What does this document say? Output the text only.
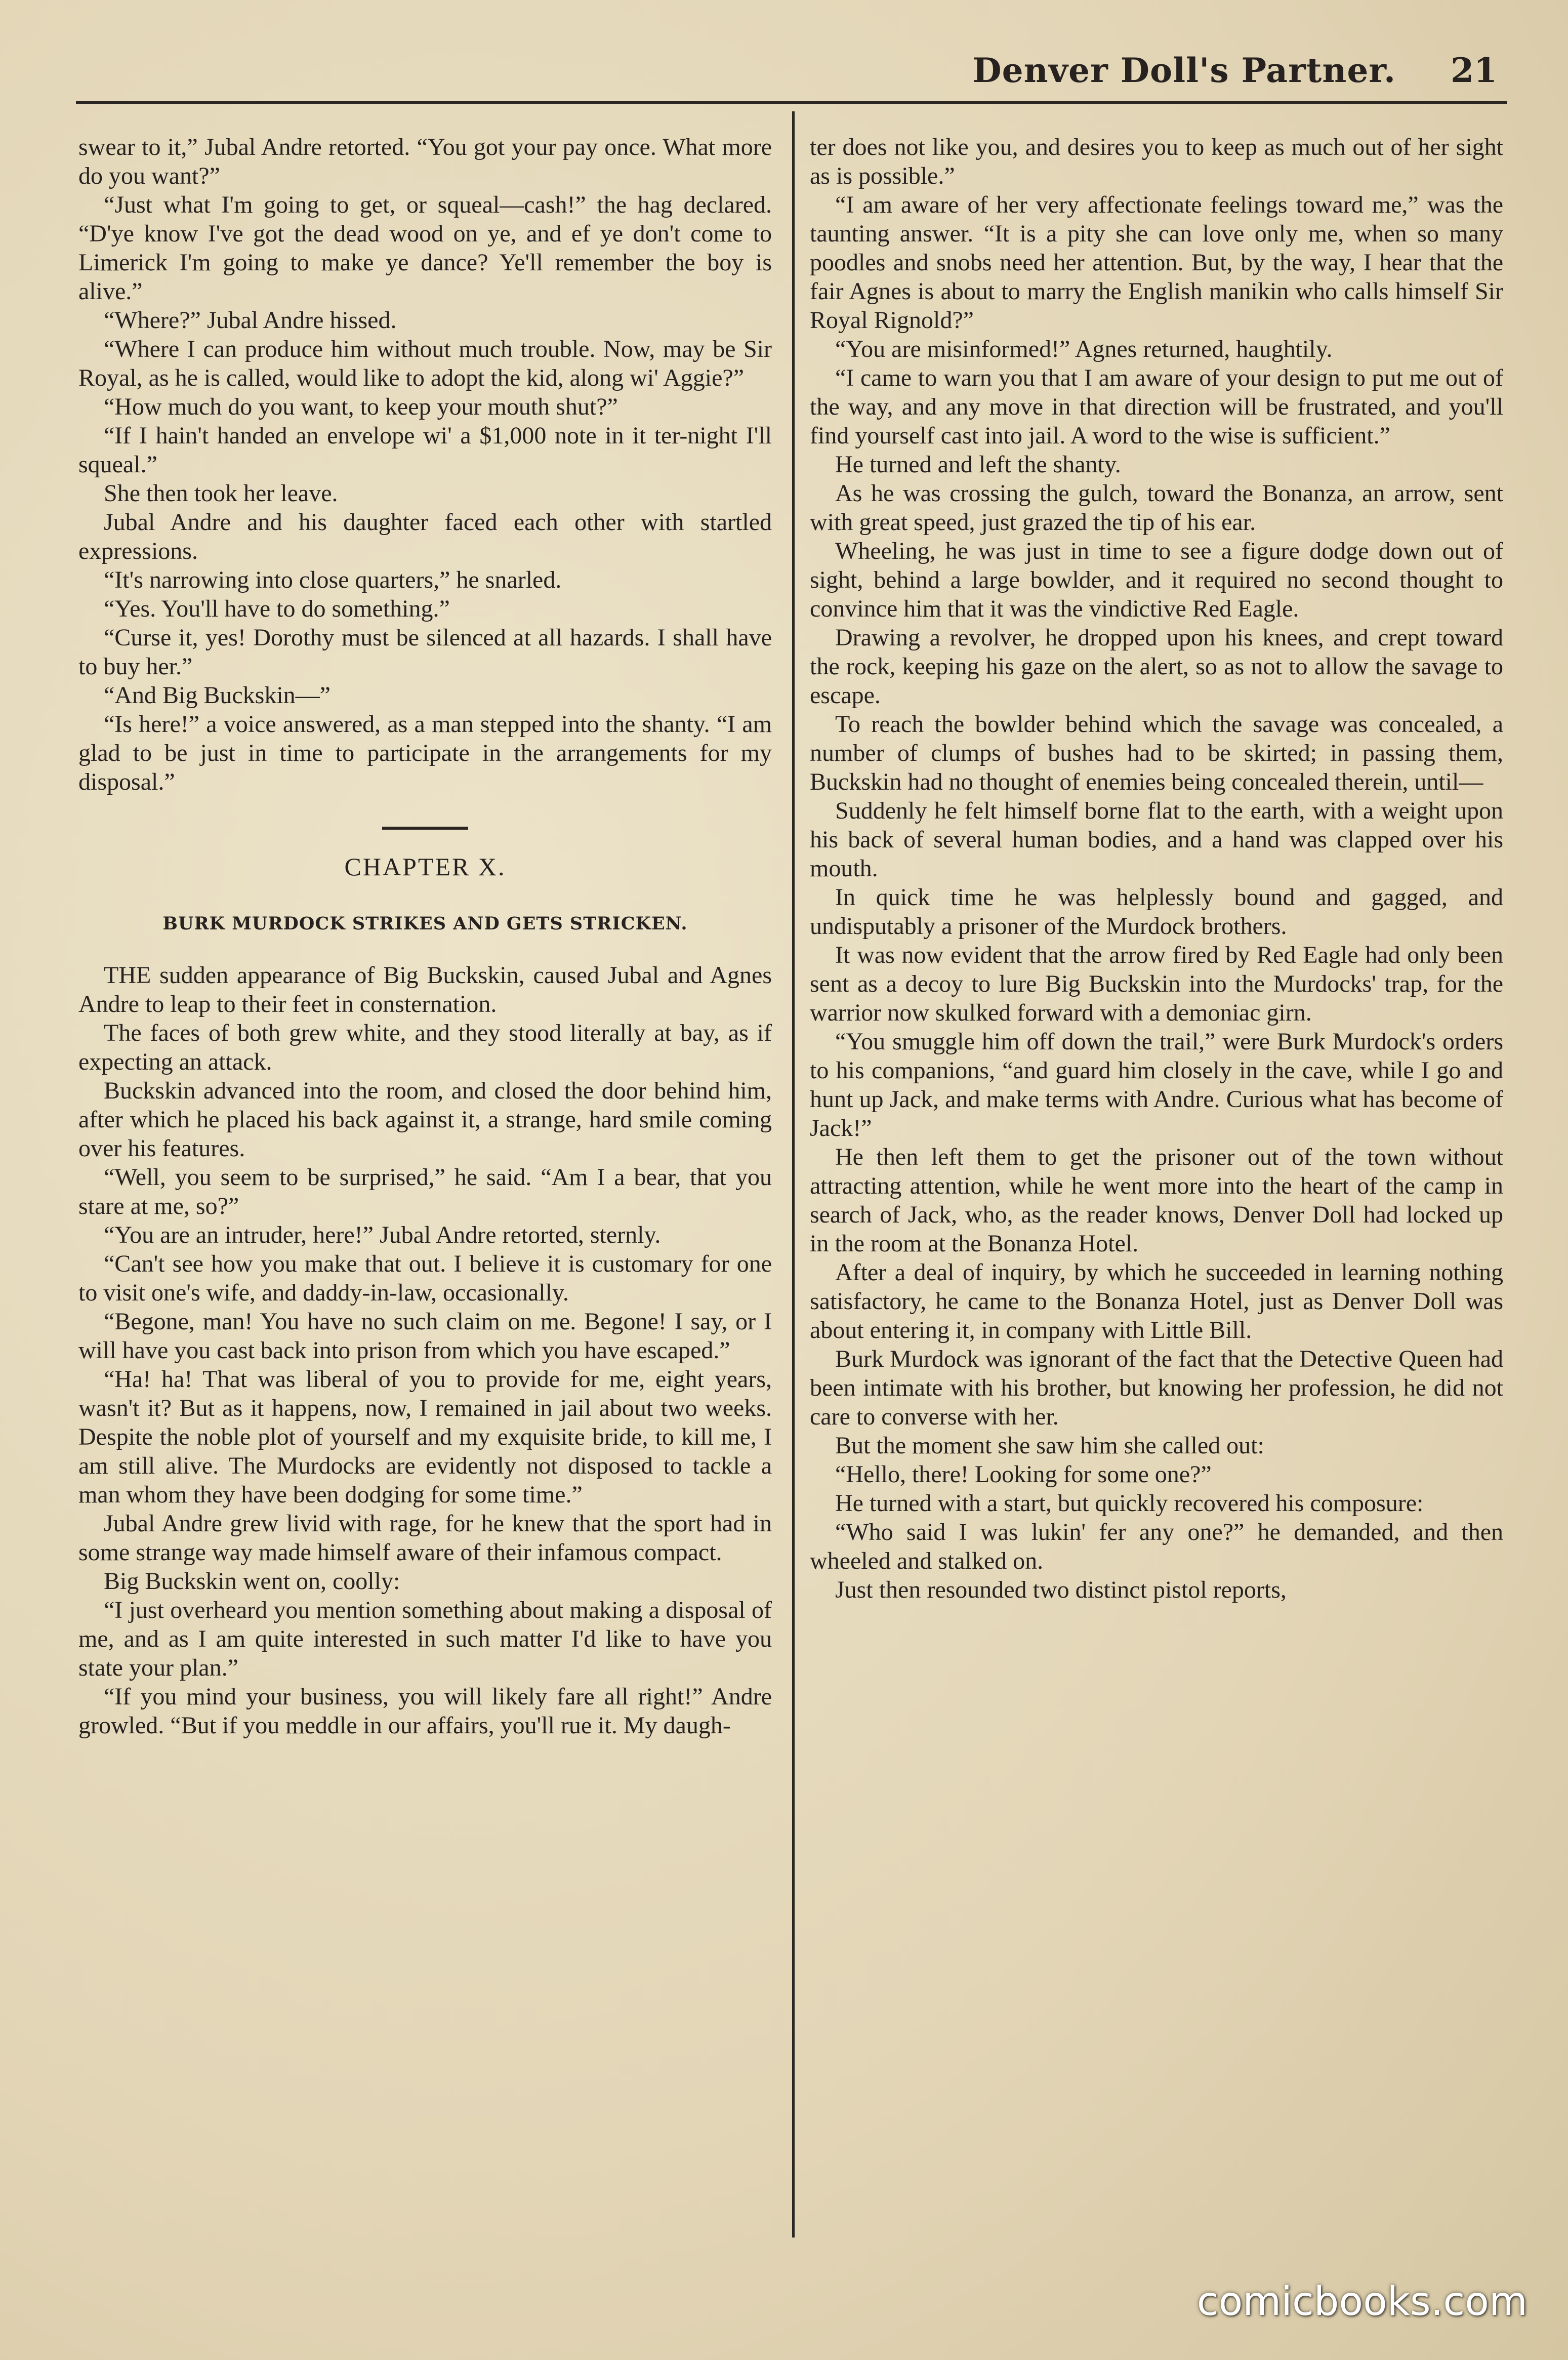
Denver Doll's Partner. 21

swear to it,” Jubal Andre retorted. “You got your pay once. What more do you want?”

“Just what I'm going to get, or squeal—cash!” the hag declared. “D'ye know I've got the dead wood on ye, and ef ye don't come to Limerick I'm going to make ye dance? Ye'll remember the boy is alive.”

“Where?” Jubal Andre hissed.

“Where I can produce him without much trouble. Now, may be Sir Royal, as he is called, would like to adopt the kid, along wi' Aggie?”

“How much do you want, to keep your mouth shut?”

“If I hain't handed an envelope wi' a $1,000 note in it ter-night I'll squeal.”

She then took her leave.

Jubal Andre and his daughter faced each other with startled expressions.

“It's narrowing into close quarters,” he snarled.

“Yes. You'll have to do something.”

“Curse it, yes! Dorothy must be silenced at all hazards. I shall have to buy her.”

“And Big Buckskin—”

“Is here!” a voice answered, as a man stepped into the shanty. “I am glad to be just in time to participate in the arrangements for my disposal.”

CHAPTER X.
BURK MURDOCK STRIKES AND GETS STRICKEN.

THE sudden appearance of Big Buckskin, caused Jubal and Agnes Andre to leap to their feet in consternation.

The faces of both grew white, and they stood literally at bay, as if expecting an attack.

Buckskin advanced into the room, and closed the door behind him, after which he placed his back against it, a strange, hard smile coming over his features.

“Well, you seem to be surprised,” he said. “Am I a bear, that you stare at me, so?”

“You are an intruder, here!” Jubal Andre retorted, sternly.

“Can't see how you make that out. I believe it is customary for one to visit one's wife, and daddy-in-law, occasionally.

“Begone, man! You have no such claim on me. Begone! I say, or I will have you cast back into prison from which you have escaped.”

“Ha! ha! That was liberal of you to provide for me, eight years, wasn't it? But as it happens, now, I remained in jail about two weeks. Despite the noble plot of yourself and my exquisite bride, to kill me, I am still alive. The Murdocks are evidently not disposed to tackle a man whom they have been dodging for some time.”

Jubal Andre grew livid with rage, for he knew that the sport had in some strange way made himself aware of their infamous compact.

Big Buckskin went on, coolly:

“I just overheard you mention something about making a disposal of me, and as I am quite interested in such matter I'd like to have you state your plan.”

“If you mind your business, you will likely fare all right!” Andre growled. “But if you meddle in our affairs, you'll rue it. My daugh-

ter does not like you, and desires you to keep as much out of her sight as is possible.”

“I am aware of her very affectionate feelings toward me,” was the taunting answer. “It is a pity she can love only me, when so many poodles and snobs need her attention. But, by the way, I hear that the fair Agnes is about to marry the English manikin who calls himself Sir Royal Rignold?”

“You are misinformed!” Agnes returned, haughtily.

“I came to warn you that I am aware of your design to put me out of the way, and any move in that direction will be frustrated, and you'll find yourself cast into jail. A word to the wise is sufficient.”

He turned and left the shanty.

As he was crossing the gulch, toward the Bonanza, an arrow, sent with great speed, just grazed the tip of his ear.

Wheeling, he was just in time to see a figure dodge down out of sight, behind a large bowlder, and it required no second thought to convince him that it was the vindictive Red Eagle.

Drawing a revolver, he dropped upon his knees, and crept toward the rock, keeping his gaze on the alert, so as not to allow the savage to escape.

To reach the bowlder behind which the savage was concealed, a number of clumps of bushes had to be skirted; in passing them, Buckskin had no thought of enemies being concealed therein, until—

Suddenly he felt himself borne flat to the earth, with a weight upon his back of several human bodies, and a hand was clapped over his mouth.

In quick time he was helplessly bound and gagged, and undisputably a prisoner of the Murdock brothers.

It was now evident that the arrow fired by Red Eagle had only been sent as a decoy to lure Big Buckskin into the Murdocks' trap, for the warrior now skulked forward with a demoniac girn.

“You smuggle him off down the trail,” were Burk Murdock's orders to his companions, “and guard him closely in the cave, while I go and hunt up Jack, and make terms with Andre. Curious what has become of Jack!”

He then left them to get the prisoner out of the town without attracting attention, while he went more into the heart of the camp in search of Jack, who, as the reader knows, Denver Doll had locked up in the room at the Bonanza Hotel.

After a deal of inquiry, by which he succeeded in learning nothing satisfactory, he came to the Bonanza Hotel, just as Denver Doll was about entering it, in company with Little Bill.

Burk Murdock was ignorant of the fact that the Detective Queen had been intimate with his brother, but knowing her profession, he did not care to converse with her.

But the moment she saw him she called out:

“Hello, there! Looking for some one?”

He turned with a start, but quickly recovered his composure:

“Who said I was lukin' fer any one?” he demanded, and then wheeled and stalked on.

Just then resounded two distinct pistol reports,

comicbooks.com
